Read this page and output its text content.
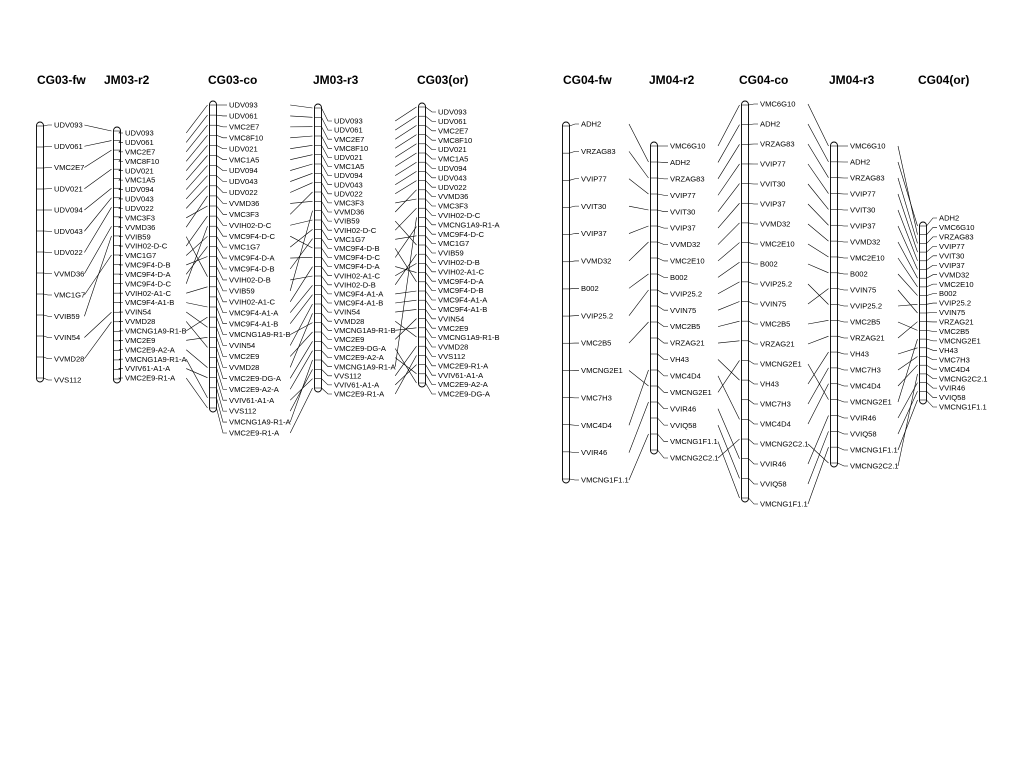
CG03-fw
UDV093
UDV061
VMC2E7
UDV021
UDV094
UDV043
UDV022
VVMD36
VMC1G7
VVIB59
VVIN54
VVMD28
VVS112
JM03-r2
UDV093
UDV061
VMC2E7
VMC8F10
UDV021
VMC1A5
UDV094
UDV043
UDV022
VMC3F3
VVMD36
VVIB59
VVIH02-D-C
VMC1G7
VMC9F4-D-B
VMC9F4-D-A
VMC9F4-D-C
VVIH02-A1-C
VMC9F4-A1-B
VVIN54
VVMD28
VMCNG1A9-R1-B
VMC2E9
VMC2E9-A2-A
VMCNG1A9-R1-A
VVIV61-A1-A
VMC2E9-R1-A
CG03-co
UDV093
UDV061
VMC2E7
VMC8F10
UDV021
VMC1A5
UDV094
UDV043
UDV022
VVMD36
VMC3F3
VVIH02-D-C
VMC9F4-D-C
VMC1G7
VMC9F4-D-A
VMC9F4-D-B
VVIH02-D-B
VVIB59
VVIH02-A1-C
VMC9F4-A1-A
VMC9F4-A1-B
VMCNG1A9-R1-B
VVIN54
VMC2E9
VVMD28
VMC2E9-DG-A
VMC2E9-A2-A
VVIV61-A1-A
VVS112
VMCNG1A9-R1-A
VMC2E9-R1-A
JM03-r3
UDV093
UDV061
VMC2E7
VMC8F10
UDV021
VMC1A5
UDV094
UDV043
UDV022
VMC3F3
VVMD36
VVIB59
VVIH02-D-C
VMC1G7
VMC9F4-D-B
VMC9F4-D-C
VMC9F4-D-A
VVIH02-A1-C
VVIH02-D-B
VMC9F4-A1-A
VMC9F4-A1-B
VVIN54
VVMD28
VMCNG1A9-R1-B
VMC2E9
VMC2E9-DG-A
VMC2E9-A2-A
VMCNG1A9-R1-A
VVS112
VVIV61-A1-A
VMC2E9-R1-A
CG03(or)
UDV093
UDV061
VMC2E7
VMC8F10
UDV021
VMC1A5
UDV094
UDV043
UDV022
VVMD36
VMC3F3
VVIH02-D-C
VMCNG1A9-R1-A
VMC9F4-D-C
VMC1G7
VVIB59
VVIH02-D-B
VVIH02-A1-C
VMC9F4-D-A
VMC9F4-D-B
VMC9F4-A1-A
VMC9F4-A1-B
VVIN54
VMC2E9
VMCNG1A9-R1-B
VVMD28
VVS112
VMC2E9-R1-A
VVIV61-A1-A
VMC2E9-A2-A
VMC2E9-DG-A
CG04-fw
ADH2
VRZAG83
VVIP77
VVIT30
VVIP37
VVMD32
B002
VVIP25.2
VMC2B5
VMCNG2E1
VMC7H3
VMC4D4
VVIR46
VMCNG1F1.1
JM04-r2
VMC6G10
ADH2
VRZAG83
VVIP77
VVIT30
VVIP37
VVMD32
VMC2E10
B002
VVIP25.2
VVIN75
VMC2B5
VRZAG21
VH43
VMC4D4
VMCNG2E1
VVIR46
VVIQ58
VMCNG1F1.1
VMCNG2C2.1
CG04-co
VMC6G10
ADH2
VRZAG83
VVIP77
VVIT30
VVIP37
VVMD32
VMC2E10
B002
VVIP25.2
VVIN75
VMC2B5
VRZAG21
VMCNG2E1
VH43
VMC7H3
VMC4D4
VMCNG2C2.1
VVIR46
VVIQ58
VMCNG1F1.1
JM04-r3
VMC6G10
ADH2
VRZAG83
VVIP77
VVIT30
VVIP37
VVMD32
VMC2E10
B002
VVIN75
VVIP25.2
VMC2B5
VRZAG21
VH43
VMC7H3
VMC4D4
VMCNG2E1
VVIR46
VVIQ58
VMCNG1F1.1
VMCNG2C2.1
CG04(or)
ADH2
VMC6G10
VRZAG83
VVIP77
VVIT30
VVIP37
VVMD32
VMC2E10
B002
VVIP25.2
VVIN75
VRZAG21
VMC2B5
VMCNG2E1
VH43
VMC7H3
VMC4D4
VMCNG2C2.1
VVIR46
VVIQ58
VMCNG1F1.1
